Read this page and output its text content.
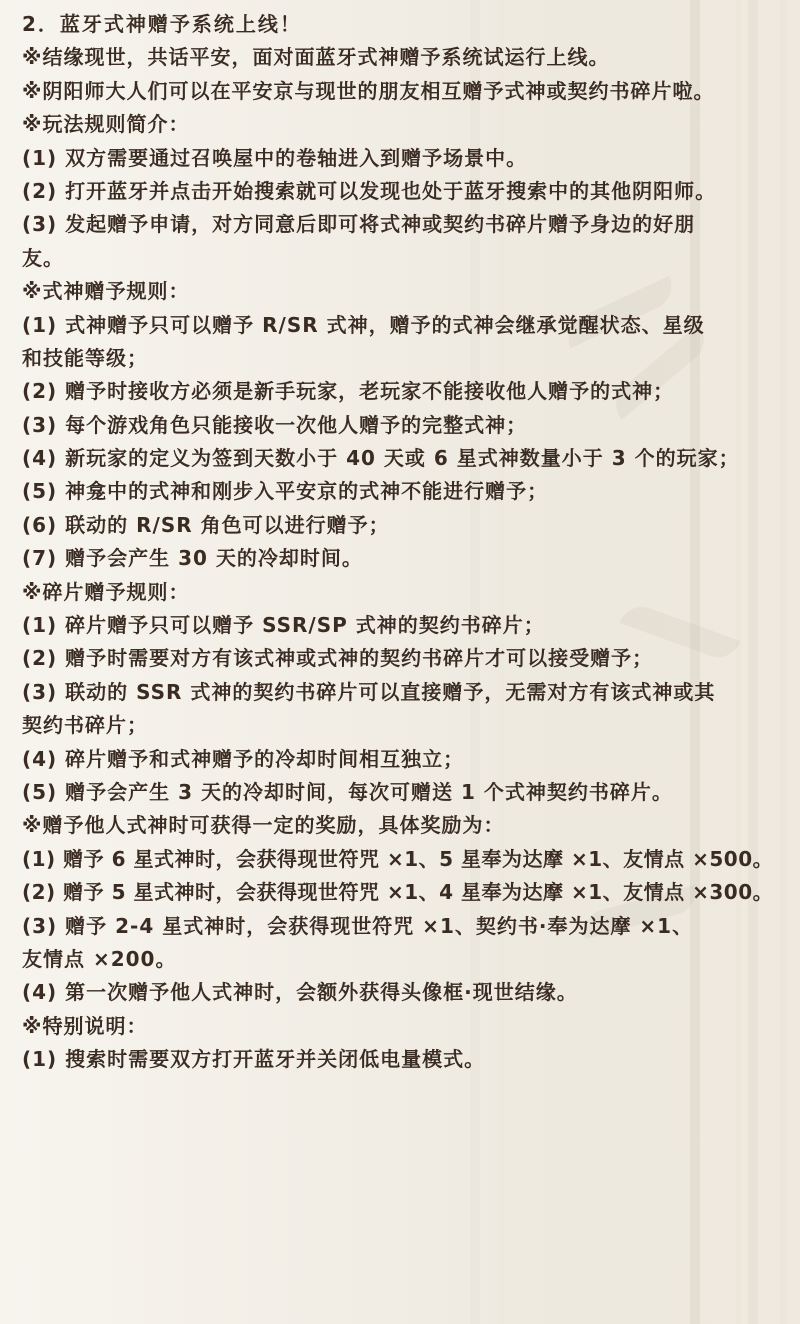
2．蓝牙式神赠予系统上线！
※结缘现世，共话平安，面对面蓝牙式神赠予系统试运行上线。
※阴阳师大人们可以在平安京与现世的朋友相互赠予式神或契约书碎片啦。
※玩法规则简介：
(1) 双方需要通过召唤屋中的卷轴进入到赠予场景中。
(2) 打开蓝牙并点击开始搜索就可以发现也处于蓝牙搜索中的其他阴阳师。
(3) 发起赠予申请，对方同意后即可将式神或契约书碎片赠予身边的好朋
友。
※式神赠予规则：
(1) 式神赠予只可以赠予 R/SR 式神，赠予的式神会继承觉醒状态、星级
和技能等级；
(2) 赠予时接收方必须是新手玩家，老玩家不能接收他人赠予的式神；
(3) 每个游戏角色只能接收一次他人赠予的完整式神；
(4) 新玩家的定义为签到天数小于 40 天或 6 星式神数量小于 3 个的玩家；
(5) 神龛中的式神和刚步入平安京的式神不能进行赠予；
(6) 联动的 R/SR 角色可以进行赠予；
(7) 赠予会产生 30 天的冷却时间。
※碎片赠予规则：
(1) 碎片赠予只可以赠予 SSR/SP 式神的契约书碎片；
(2) 赠予时需要对方有该式神或式神的契约书碎片才可以接受赠予；
(3) 联动的 SSR 式神的契约书碎片可以直接赠予，无需对方有该式神或其
契约书碎片；
(4) 碎片赠予和式神赠予的冷却时间相互独立；
(5) 赠予会产生 3 天的冷却时间，每次可赠送 1 个式神契约书碎片。
※赠予他人式神时可获得一定的奖励，具体奖励为：
(1) 赠予 6 星式神时，会获得现世符咒 ×1、5 星奉为达摩 ×1、友情点 ×500。
(2) 赠予 5 星式神时，会获得现世符咒 ×1、4 星奉为达摩 ×1、友情点 ×300。
(3) 赠予 2-4 星式神时，会获得现世符咒 ×1、契约书·奉为达摩 ×1、
友情点 ×200。
(4) 第一次赠予他人式神时，会额外获得头像框·现世结缘。
※特别说明：
(1) 搜索时需要双方打开蓝牙并关闭低电量模式。
